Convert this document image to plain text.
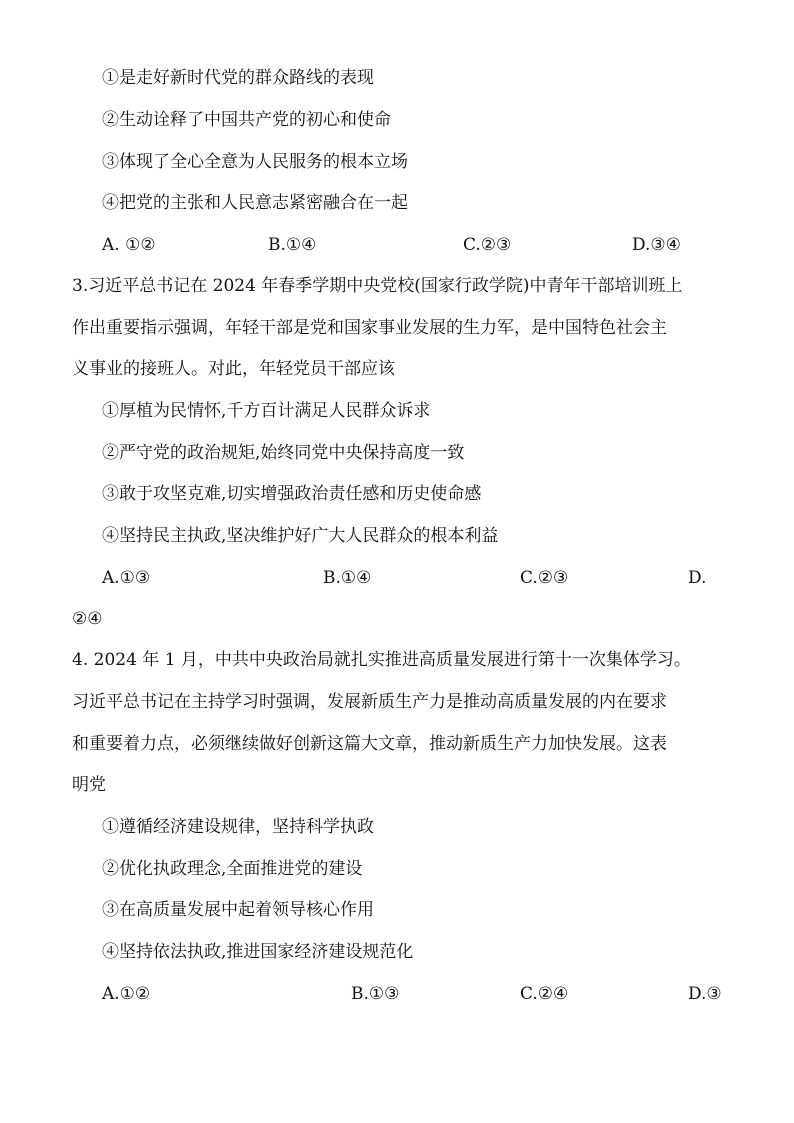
①是走好新时代党的群众路线的表现
②生动诠释了中国共产党的初心和使命
③体现了全心全意为人民服务的根本立场
④把党的主张和人民意志紧密融合在一起
A. ①②	B.①④	C.②③	D.③④
3.习近平总书记在 2024 年春季学期中央党校(国家行政学院)中青年干部培训班上
作出重要指示强调，年轻干部是党和国家事业发展的生力军，是中国特色社会主
义事业的接班人。对此，年轻党员干部应该
①厚植为民情怀,千方百计满足人民群众诉求
②严守党的政治规矩,始终同党中央保持高度一致
③敢于攻坚克难,切实增强政治责任感和历史使命感
④坚持民主执政,坚决维护好广大人民群众的根本利益
A.①③	B.①④	C.②③	D.
②④
4. 2024 年 1 月，中共中央政治局就扎实推进高质量发展进行第十一次集体学习。
习近平总书记在主持学习时强调，发展新质生产力是推动高质量发展的内在要求
和重要着力点，必须继续做好创新这篇大文章，推动新质生产力加快发展。这表
明党
①遵循经济建设规律，坚持科学执政
②优化执政理念,全面推进党的建设
③在高质量发展中起着领导核心作用
④坚持依法执政,推进国家经济建设规范化
A.①②	B.①③	C.②④	D.③
